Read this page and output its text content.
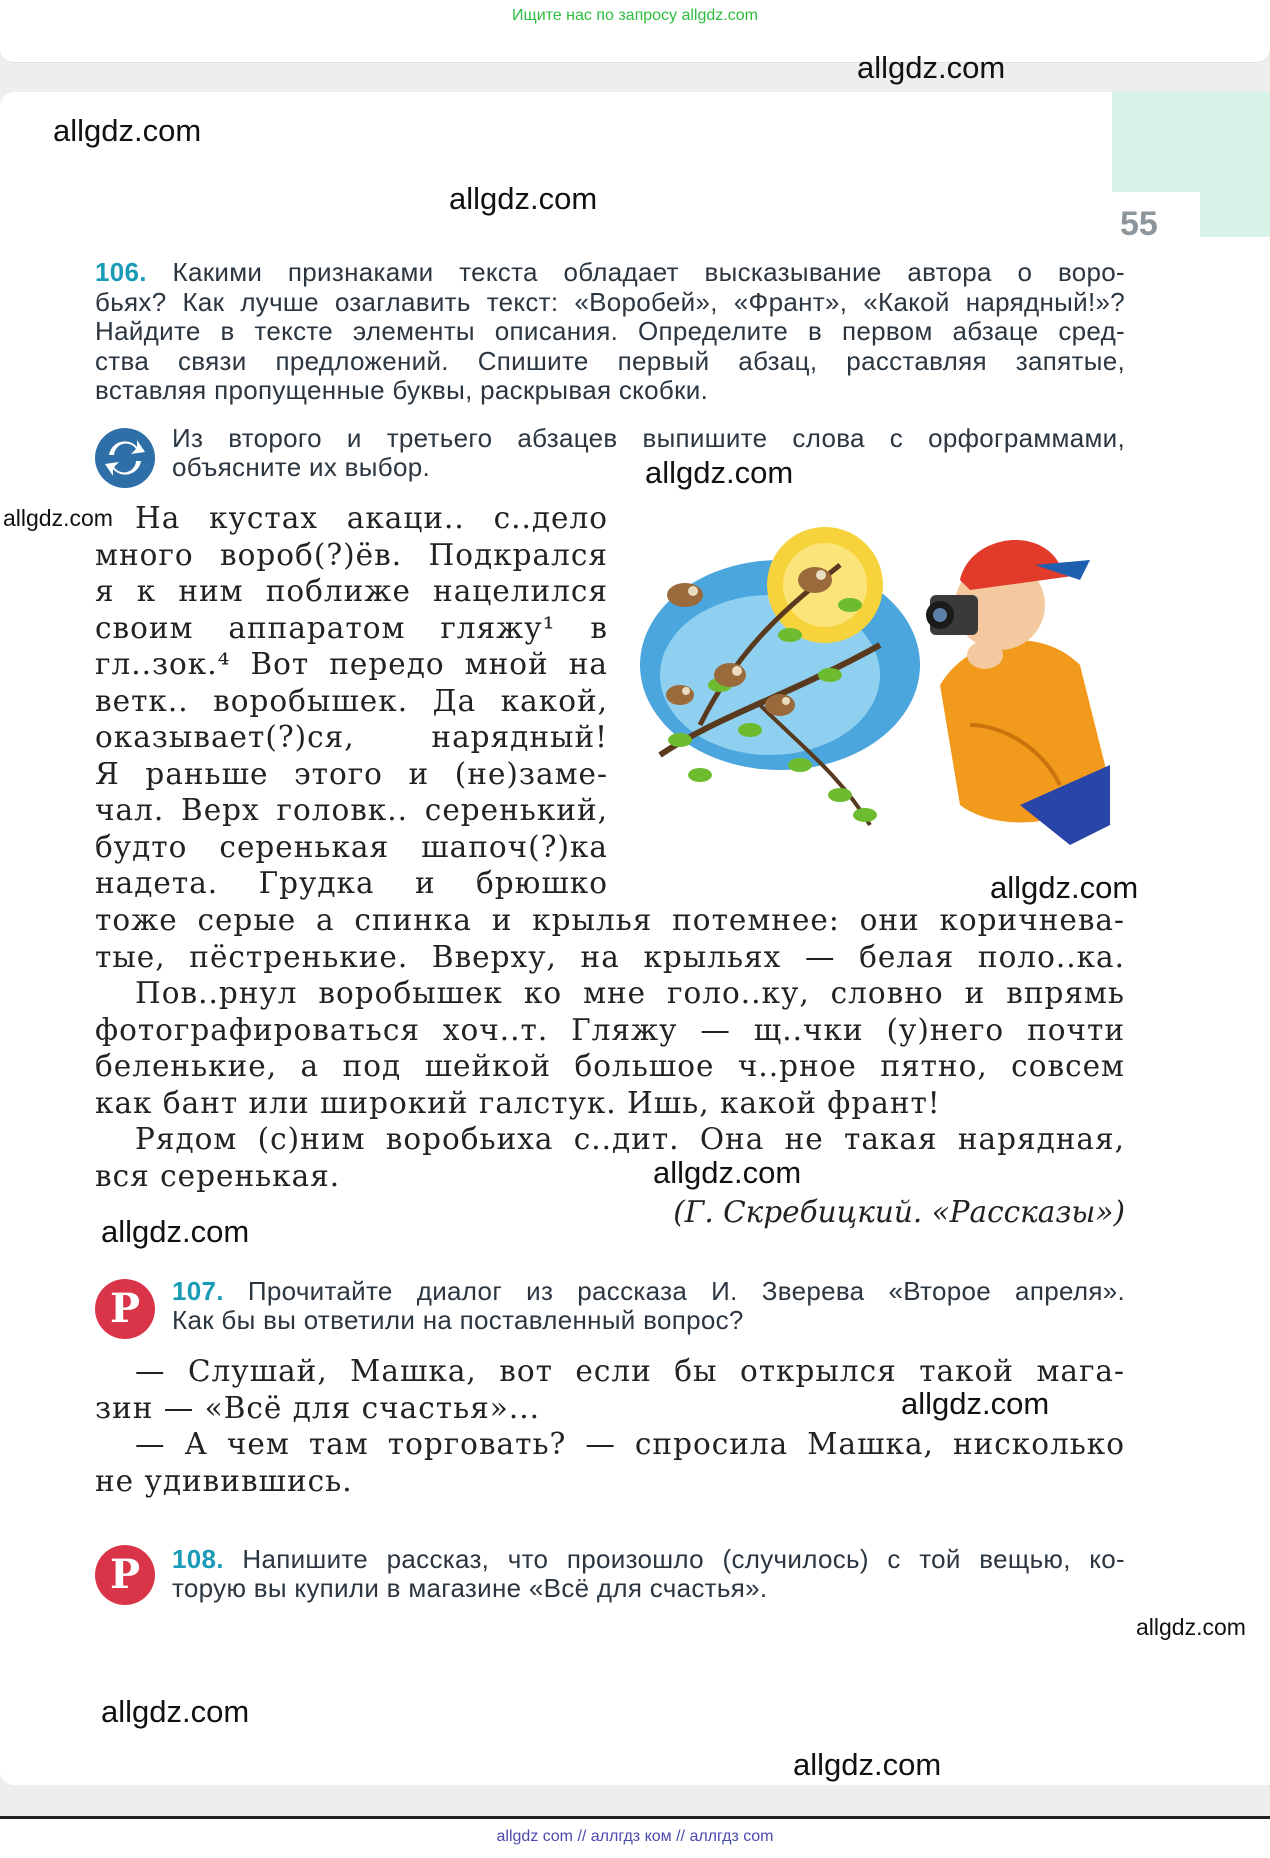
Ищите нас по запросу allgdz.com
55
allgdz.com
allgdz.com
allgdz.com
allgdz.com
allgdz.com
allgdz.com
allgdz.com
allgdz.com
allgdz.com
allgdz.com
allgdz.com
allgdz.com
106. Какими признаками текста обладает высказывание автора о воро-
бьях? Как лучше озаглавить текст: «Воробей», «Франт», «Какой нарядный!»?
Найдите в тексте элементы описания. Определите в первом абзаце сред-
ства связи предложений. Спишите первый абзац, расставляя запятые,
вставляя пропущенные буквы, раскрывая скобки.
Из второго и третьего абзацев выпишите слова с орфограммами,
объясните их выбор.
На кустах акаци.. с..дело
много вороб(?)ёв. Подкрался
я к ним поближе нацелился
своим аппаратом гляжу¹ в
гл..зок.⁴ Вот передо мной на
ветк.. воробышек. Да какой,
оказывает(?)ся, нарядный!
Я раньше этого и (не)заме-
чал. Верх головк.. серенький,
будто серенькая шапоч(?)ка
надета. Грудка и брюшко
тоже серые а спинка и крылья потемнее: они коричнева-
тые, пёстренькие. Вверху, на крыльях — белая поло..ка.
Пов..рнул воробышек ко мне голо..ку, словно и впрямь
фотографироваться хоч..т. Гляжу — щ..чки (у)него почти
беленькие, а под шейкой большое ч..рное пятно, совсем
как бант или широкий галстук. Ишь, какой франт!
Рядом (с)ним воробьиха с..дит. Она не такая нарядная,
вся серенькая.
(Г. Скребицкий. «Рассказы»)
Р	107. Прочитайте диалог из рассказа И. Зверева «Второе апреля».
Как бы вы ответили на поставленный вопрос?
— Слушай, Машка, вот если бы открылся такой мага-
зин — «Всё для счастья»...
— А чем там торговать? — спросила Машка, нисколько
не удивившись.
Р	108. Напишите рассказ, что произошло (случилось) с той вещью, ко-
торую вы купили в магазине «Всё для счастья».
allgdz com // аллгдз ком // аллгдз com
